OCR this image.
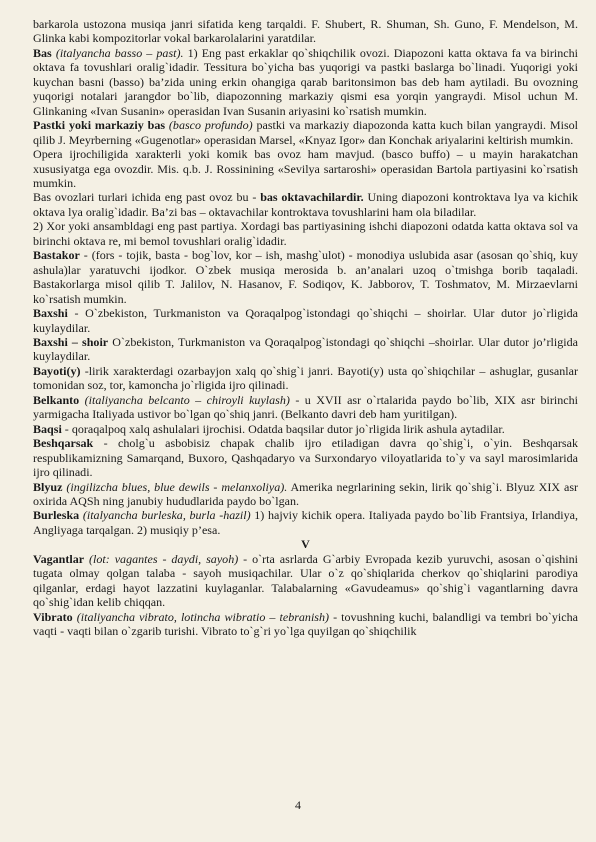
barkarola ustozona musiqa janri sifatida keng tarqaldi. F. Shubert, R. Shuman, Sh. Guno, F. Mendelson, M. Glinka kabi kompozitorlar vokal barkarolalarini yaratdilar.

Bas (italyancha basso – past). 1) Eng past erkaklar qo`shiqchilik ovozi. Diapozoni katta oktava fa va birinchi oktava fa tovushlari oralig`idadir. Tessitura bo`yicha bas yuqorigi va pastki baslarga bo`linadi. Yuqorigi yoki kuychan basni (basso) ba’zida uning erkin ohangiga qarab baritonsimon bas deb ham aytiladi. Bu ovozning yuqorigi notalari jarangdor bo`lib, diapozonning markaziy qismi esa yorqin yangraydi. Misol uchun M. Glinkaning «Ivan Susanin» operasidan Ivan Susanin ariyasini ko`rsatish mumkin.

Pastki yoki markaziy bas (basco profundo) pastki va markaziy diapozonda katta kuch bilan yangraydi. Misol qilib J. Meyrberning «Gugenotlar» operasidan Marsel, «Knyaz Igor» dan Konchak ariyalarini keltirish mumkin.

Opera ijrochiligida xarakterli yoki komik bas ovoz ham mavjud. (basco buffo) – u mayin harakatchan xususiyatga ega ovozdir. Mis. q.b. J. Rossinining «Sevilya sartaroshi» operasidan Bartola partiyasini ko`rsatish mumkin.

Bas ovozlari turlari ichida eng past ovoz bu - bas oktavachilardir. Uning diapozoni kontroktava lya va kichik oktava lya oralig`idadir. Ba’zi bas – oktavachilar kontroktava tovushlarini ham ola biladilar.

2) Xor yoki ansambldagi eng past partiya. Xordagi bas partiyasining ishchi diapozoni odatda katta oktava sol va birinchi oktava re, mi bemol tovushlari oralig`idadir.

Bastakor - (fors - tojik, basta - bog`lov, kor – ish, mashg`ulot) - monodiya uslubida asar (asosan qo`shiq, kuy ashula)lar yaratuvchi ijodkor. O`zbek musiqa merosida b. an’analari uzoq o`tmishga borib taqaladi. Bastakorlarga misol qilib T. Jalilov, N. Hasanov, F. Sodiqov, K. Jabborov, T. Toshmatov, M. Mirzaevlarni ko`rsatish mumkin.

Baxshi - O`zbekiston, Turkmaniston va Qoraqalpog`istondagi qo`shiqchi – shoirlar. Ular dutor jo`rligida kuylaydilar.

Baxshi – shoir O`zbekiston, Turkmaniston va Qoraqalpog`istondagi qo`shiqchi –shoirlar. Ular dutor jo’rligida kuylaydilar.

Bayoti(y) -lirik xarakterdagi ozarbayjon xalq qo`shig`i janri. Bayoti(y) usta qo`shiqchilar – ashuglar, gusanlar tomonidan soz, tor, kamoncha jo`rligida ijro qilinadi.

Belkanto (italiyancha belcanto – chiroyli kuylash) - u XVII asr o`rtalarida paydo bo`lib, XIX asr birinchi yarmigacha Italiyada ustivor bo`lgan qo`shiq janri. (Belkanto davri deb ham yuritilgan).

Baqsi - qoraqalpoq xalq ashulalari ijrochisi. Odatda baqsilar dutor jo`rligida lirik ashula aytadilar.

Beshqarsak - cholg`u asbobisiz chapak chalib ijro etiladigan davra qo`shig`i, o`yin. Beshqarsak respublikamizning Samarqand, Buxoro, Qashqadaryo va Surxondaryo viloyatlarida to`y va sayl marosimlarida ijro qilinadi.

Blyuz (ingilizcha blues, blue dewils - melanxoliya). Amerika negrlarining sekin, lirik qo`shig`i. Blyuz XIX asr oxirida AQSh ning janubiy hududlarida paydo bo`lgan.

Burleska (italyancha burleska, burla -hazil) 1) hajviy kichik opera. Italiyada paydo bo`lib Frantsiya, Irlandiya, Angliyaga tarqalgan. 2) musiqiy p’esa.

V

Vagantlar (lot: vagantes - daydi, sayoh) - o`rta asrlarda G`arbiy Evropada kezib yuruvchi, asosan o`qishini tugata olmay qolgan talaba - sayoh musiqachilar. Ular o`z qo`shiqlarida cherkov qo`shiqlarini parodiya qilganlar, erdagi hayot lazzatini kuylaganlar. Talabalarning «Gavudeamus» qo`shig`i vagantlarning davra qo`shig`idan kelib chiqqan.

Vibrato (italiyancha vibrato, lotincha wibratio – tebranish) - tovushning kuchi, balandligi va tembri bo`yicha vaqti - vaqti bilan o`zgarib turishi. Vibrato to`g`ri yo`lga quyilgan qo`shiqchilik

4
